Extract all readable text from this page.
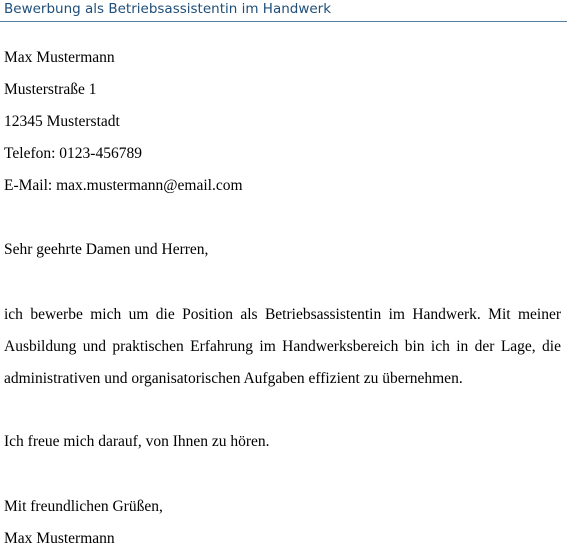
Bewerbung als Betriebsassistentin im Handwerk
Max Mustermann
Musterstraße 1
12345 Musterstadt
Telefon: 0123-456789
E-Mail: max.mustermann@email.com
Sehr geehrte Damen und Herren,
ich bewerbe mich um die Position als Betriebsassistentin im Handwerk. Mit meiner
Ausbildung und praktischen Erfahrung im Handwerksbereich bin ich in der Lage, die
administrativen und organisatorischen Aufgaben effizient zu übernehmen.
Ich freue mich darauf, von Ihnen zu hören.
Mit freundlichen Grüßen,
Max Mustermann
